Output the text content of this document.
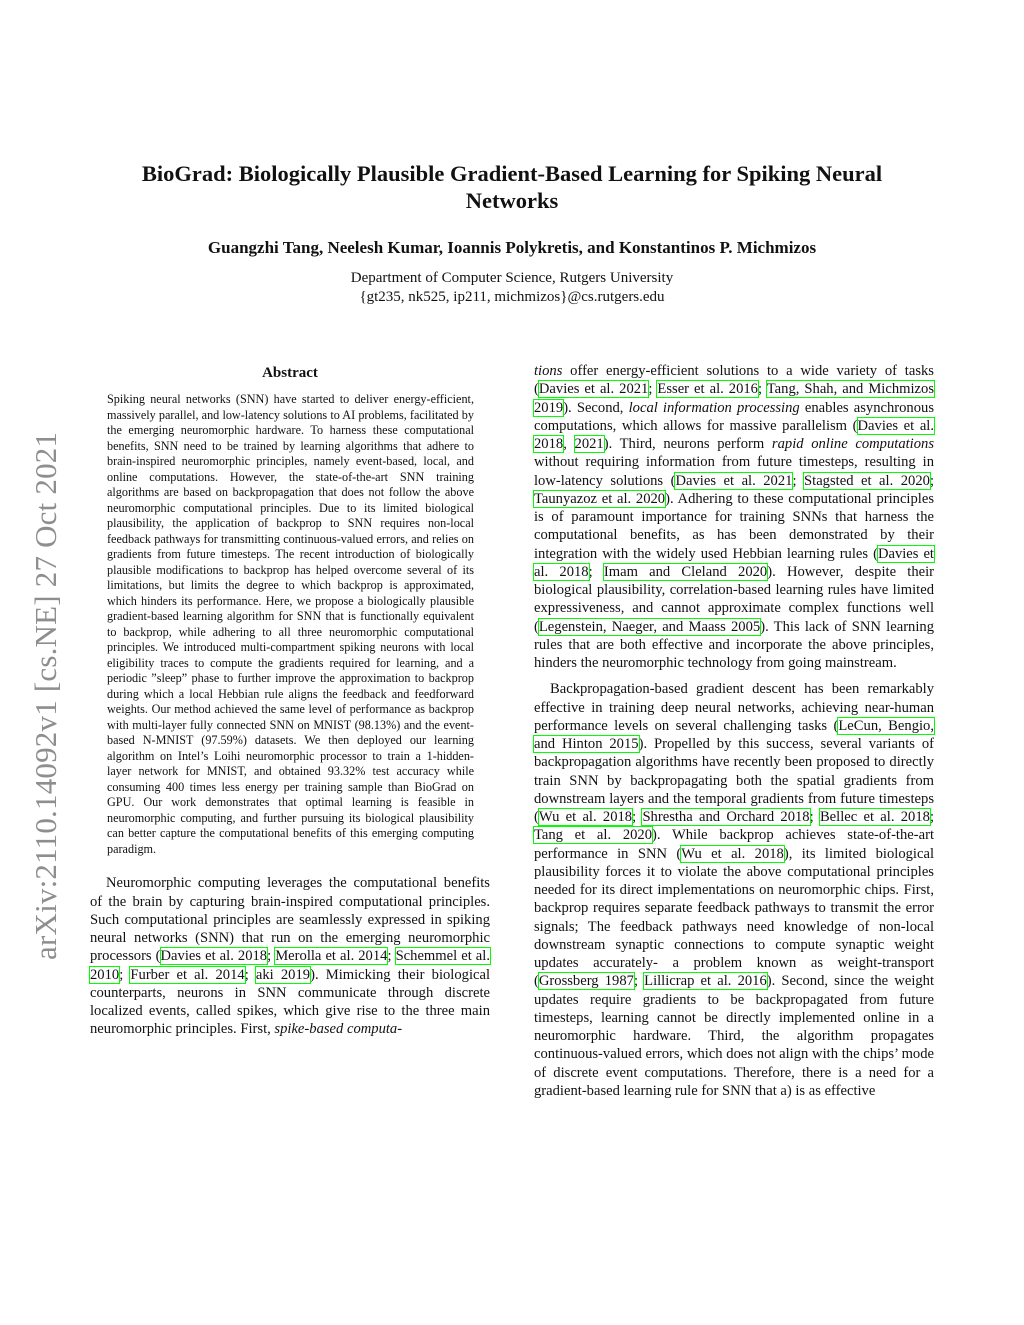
arXiv:2110.14092v1 [cs.NE] 27 Oct 2021
BioGrad: Biologically Plausible Gradient-Based Learning for Spiking Neural Networks
Guangzhi Tang, Neelesh Kumar, Ioannis Polykretis, and Konstantinos P. Michmizos
Department of Computer Science, Rutgers University
{gt235, nk525, ip211, michmizos}@cs.rutgers.edu
Abstract

Spiking neural networks (SNN) have started to deliver energy-efficient, massively parallel, and low-latency solutions to AI problems, facilitated by the emerging neuromorphic hardware. To harness these computational benefits, SNN need to be trained by learning algorithms that adhere to brain-inspired neuromorphic principles, namely event-based, local, and online computations. However, the state-of-the-art SNN training algorithms are based on backpropagation that does not follow the above neuromorphic computational principles. Due to its limited biological plausibility, the application of backprop to SNN requires non-local feedback pathways for transmitting continuous-valued errors, and relies on gradients from future timesteps. The recent introduction of biologically plausible modifications to backprop has helped overcome several of its limitations, but limits the degree to which backprop is approximated, which hinders its performance. Here, we propose a biologically plausible gradient-based learning algorithm for SNN that is functionally equivalent to backprop, while adhering to all three neuromorphic computational principles. We introduced multi-compartment spiking neurons with local eligibility traces to compute the gradients required for learning, and a periodic ”sleep” phase to further improve the approximation to backprop during which a local Hebbian rule aligns the feedback and feedforward weights. Our method achieved the same level of performance as backprop with multi-layer fully connected SNN on MNIST (98.13%) and the event-based N-MNIST (97.59%) datasets. We then deployed our learning algorithm on Intel’s Loihi neuromorphic processor to train a 1-hidden-layer network for MNIST, and obtained 93.32% test accuracy while consuming 400 times less energy per training sample than BioGrad on GPU. Our work demonstrates that optimal learning is feasible in neuromorphic computing, and further pursuing its biological plausibility can better capture the computational benefits of this emerging computing paradigm.

Neuromorphic computing leverages the computational benefits of the brain by capturing brain-inspired computational principles. Such computational principles are seamlessly expressed in spiking neural networks (SNN) that run on the emerging neuromorphic processors (Davies et al. 2018; Merolla et al. 2014; Schemmel et al. 2010; Furber et al. 2014; aki 2019). Mimicking their biological counterparts, neurons in SNN communicate through discrete localized events, called spikes, which give rise to the three main neuromorphic principles. First, spike-based computa-

tions offer energy-efficient solutions to a wide variety of tasks (Davies et al. 2021; Esser et al. 2016; Tang, Shah, and Michmizos 2019). Second, local information processing enables asynchronous computations, which allows for massive parallelism (Davies et al. 2018, 2021). Third, neurons perform rapid online computations without requiring information from future timesteps, resulting in low-latency solutions (Davies et al. 2021; Stagsted et al. 2020; Taunyazoz et al. 2020). Adhering to these computational principles is of paramount importance for training SNNs that harness the computational benefits, as has been demonstrated by their integration with the widely used Hebbian learning rules (Davies et al. 2018; Imam and Cleland 2020). However, despite their biological plausibility, correlation-based learning rules have limited expressiveness, and cannot approximate complex functions well (Legenstein, Naeger, and Maass 2005). This lack of SNN learning rules that are both effective and incorporate the above principles, hinders the neuromorphic technology from going mainstream.

Backpropagation-based gradient descent has been remarkably effective in training deep neural networks, achieving near-human performance levels on several challenging tasks (LeCun, Bengio, and Hinton 2015). Propelled by this success, several variants of backpropagation algorithms have recently been proposed to directly train SNN by backpropagating both the spatial gradients from downstream layers and the temporal gradients from future timesteps (Wu et al. 2018; Shrestha and Orchard 2018; Bellec et al. 2018; Tang et al. 2020). While backprop achieves state-of-the-art performance in SNN (Wu et al. 2018), its limited biological plausibility forces it to violate the above computational principles needed for its direct implementations on neuromorphic chips. First, backprop requires separate feedback pathways to transmit the error signals; The feedback pathways need knowledge of non-local downstream synaptic connections to compute synaptic weight updates accurately- a problem known as weight-transport (Grossberg 1987; Lillicrap et al. 2016). Second, since the weight updates require gradients to be backpropagated from future timesteps, learning cannot be directly implemented online in a neuromorphic hardware. Third, the algorithm propagates continuous-valued errors, which does not align with the chips’ mode of discrete event computations. Therefore, there is a need for a gradient-based learning rule for SNN that a) is as effective
